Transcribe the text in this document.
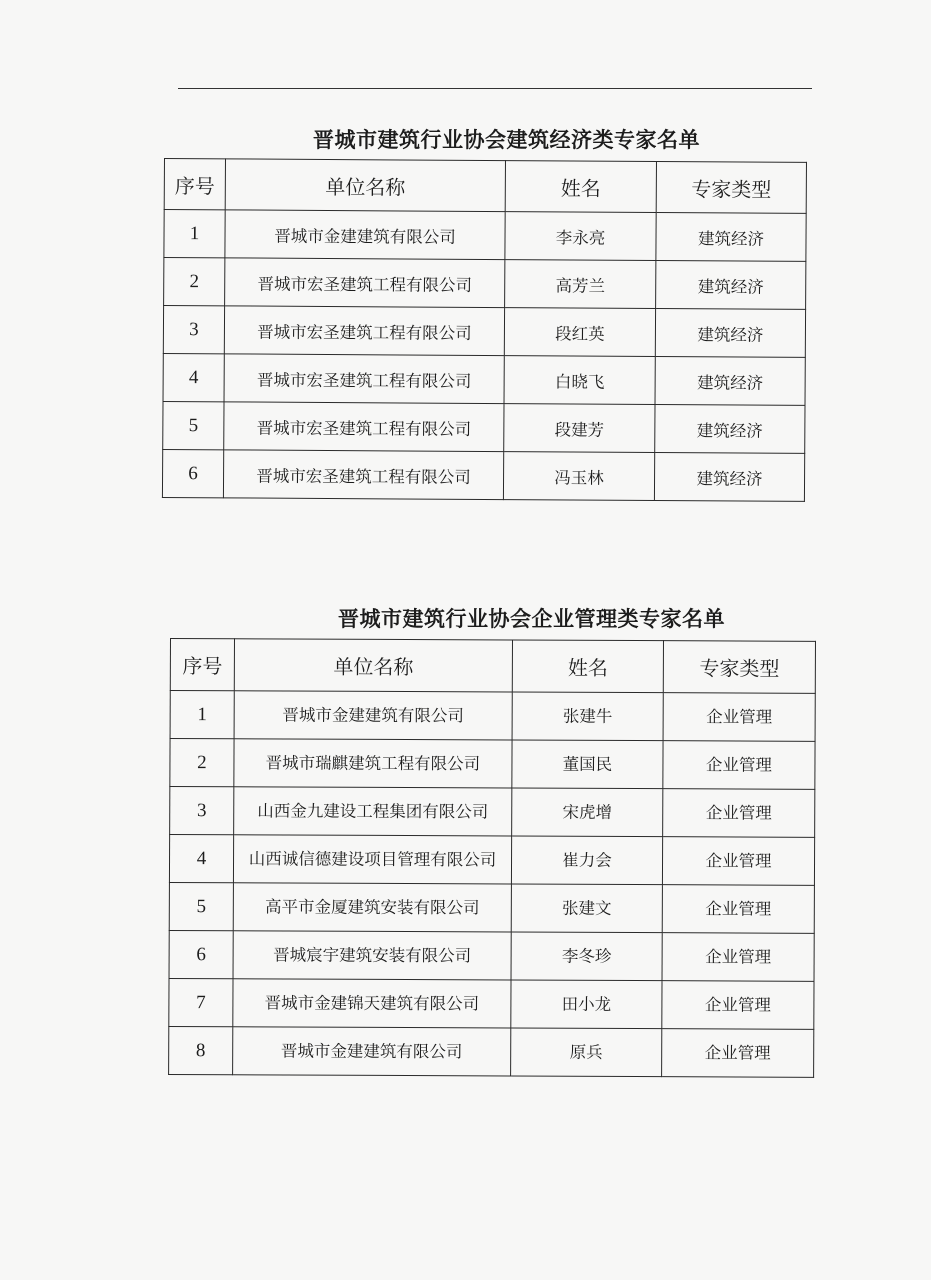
晋城市建筑行业协会建筑经济类专家名单
序号	单位名称	姓名	专家类型
1	晋城市金建建筑有限公司	李永亮	建筑经济
2	晋城市宏圣建筑工程有限公司	高芳兰	建筑经济
3	晋城市宏圣建筑工程有限公司	段红英	建筑经济
4	晋城市宏圣建筑工程有限公司	白晓飞	建筑经济
5	晋城市宏圣建筑工程有限公司	段建芳	建筑经济
6	晋城市宏圣建筑工程有限公司	冯玉林	建筑经济
晋城市建筑行业协会企业管理类专家名单
序号	单位名称	姓名	专家类型
1	晋城市金建建筑有限公司	张建牛	企业管理
2	晋城市瑞麒建筑工程有限公司	董国民	企业管理
3	山西金九建设工程集团有限公司	宋虎增	企业管理
4	山西诚信德建设项目管理有限公司	崔力会	企业管理
5	高平市金厦建筑安装有限公司	张建文	企业管理
6	晋城宸宇建筑安装有限公司	李冬珍	企业管理
7	晋城市金建锦天建筑有限公司	田小龙	企业管理
8	晋城市金建建筑有限公司	原兵	企业管理
